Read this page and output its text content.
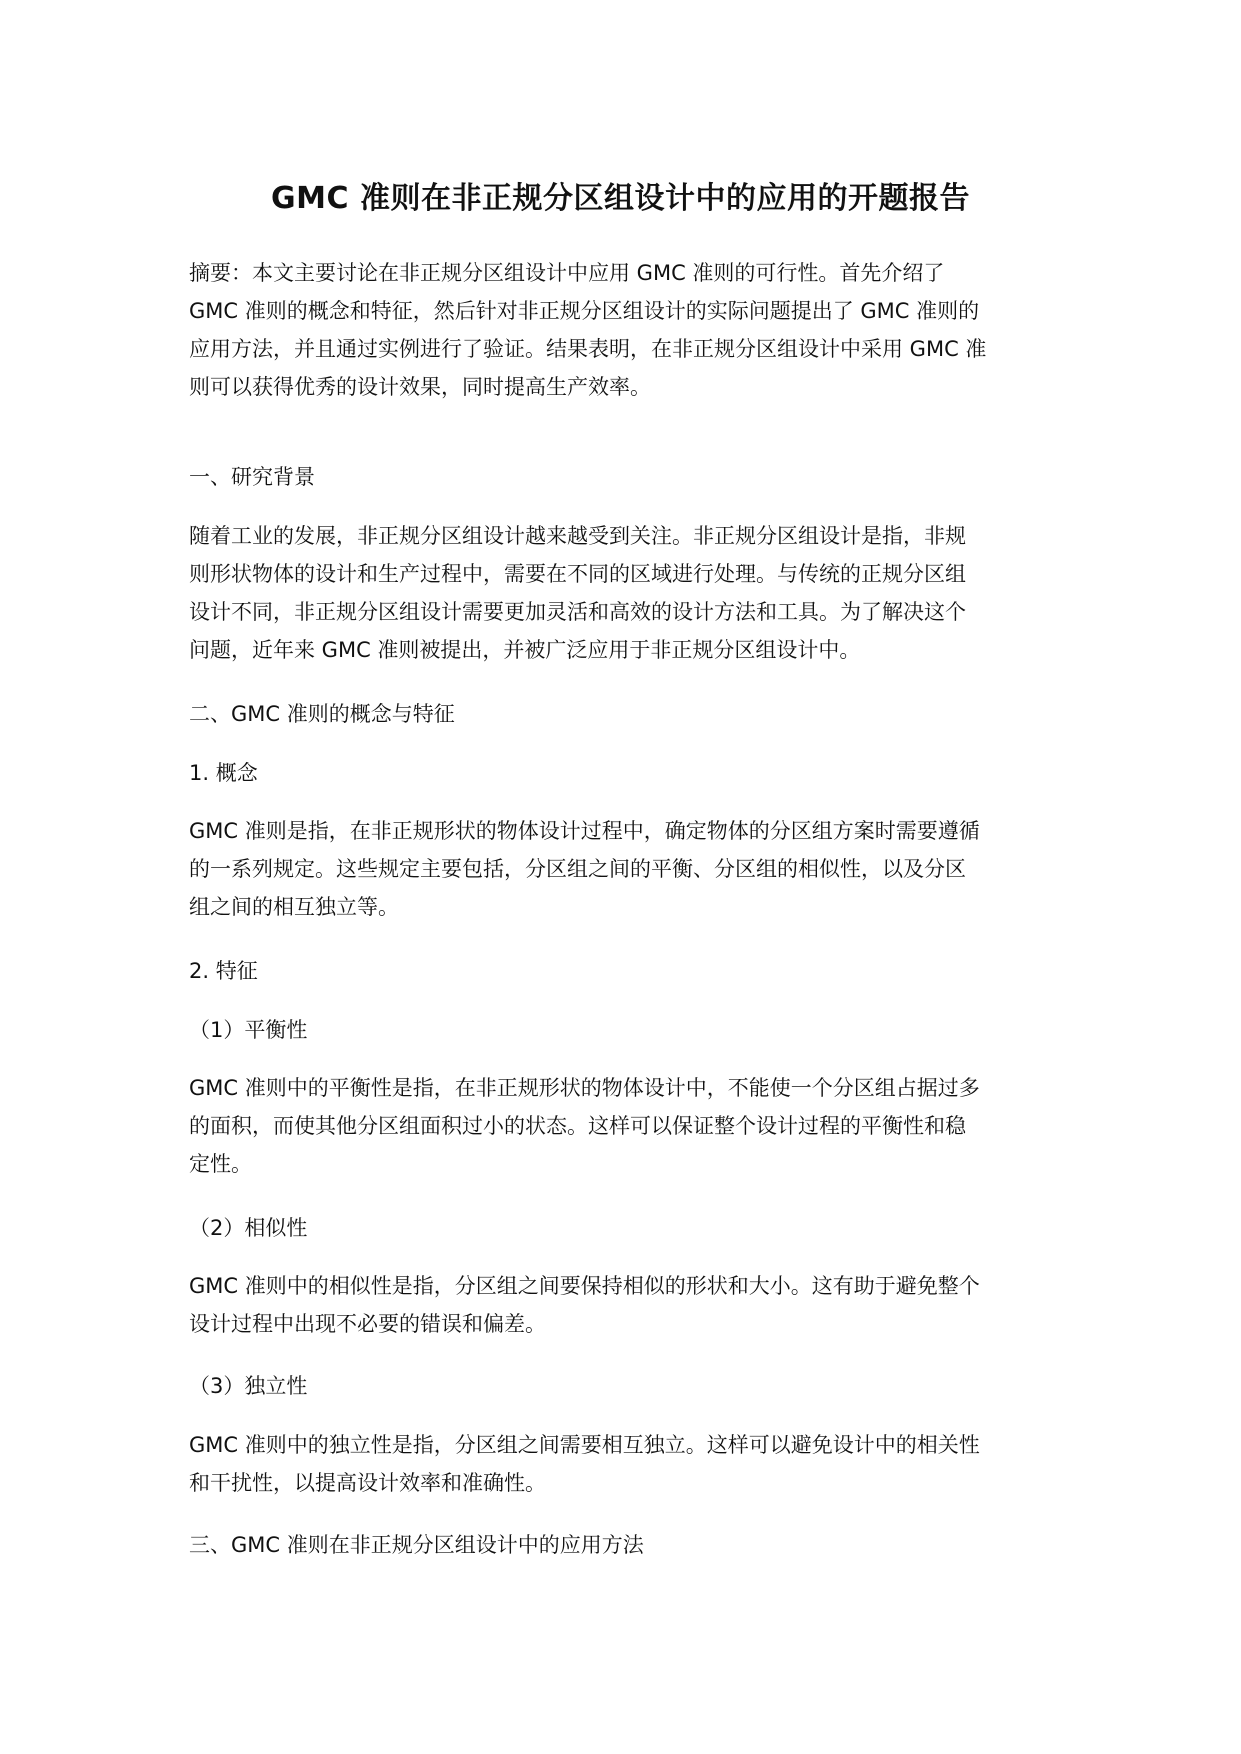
GMC 准则在非正规分区组设计中的应用的开题报告

摘要：本文主要讨论在非正规分区组设计中应用 GMC 准则的可行性。首先介绍了
GMC 准则的概念和特征，然后针对非正规分区组设计的实际问题提出了 GMC 准则的
应用方法，并且通过实例进行了验证。结果表明，在非正规分区组设计中采用 GMC 准
则可以获得优秀的设计效果，同时提高生产效率。

一、研究背景

随着工业的发展，非正规分区组设计越来越受到关注。非正规分区组设计是指，非规
则形状物体的设计和生产过程中，需要在不同的区域进行处理。与传统的正规分区组
设计不同，非正规分区组设计需要更加灵活和高效的设计方法和工具。为了解决这个
问题，近年来 GMC 准则被提出，并被广泛应用于非正规分区组设计中。

二、GMC 准则的概念与特征

1. 概念

GMC 准则是指，在非正规形状的物体设计过程中，确定物体的分区组方案时需要遵循
的一系列规定。这些规定主要包括，分区组之间的平衡、分区组的相似性，以及分区
组之间的相互独立等。

2. 特征

（1）平衡性

GMC 准则中的平衡性是指，在非正规形状的物体设计中，不能使一个分区组占据过多
的面积，而使其他分区组面积过小的状态。这样可以保证整个设计过程的平衡性和稳
定性。

（2）相似性

GMC 准则中的相似性是指，分区组之间要保持相似的形状和大小。这有助于避免整个
设计过程中出现不必要的错误和偏差。

（3）独立性

GMC 准则中的独立性是指，分区组之间需要相互独立。这样可以避免设计中的相关性
和干扰性，以提高设计效率和准确性。

三、GMC 准则在非正规分区组设计中的应用方法
